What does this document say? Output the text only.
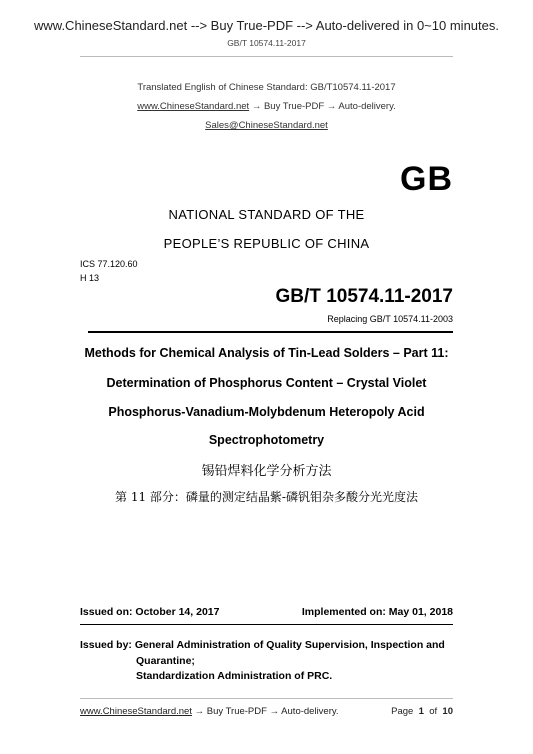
www.ChineseStandard.net --> Buy True-PDF --> Auto-delivered in 0~10 minutes.
GB/T 10574.11-2017
Translated English of Chinese Standard: GB/T10574.11-2017
www.ChineseStandard.net → Buy True-PDF → Auto-delivery.
Sales@ChineseStandard.net
GB
NATIONAL STANDARD OF THE
PEOPLE’S REPUBLIC OF CHINA
ICS 77.120.60
H 13
GB/T 10574.11-2017
Replacing GB/T 10574.11-2003
Methods for Chemical Analysis of Tin-Lead Solders – Part 11:
Determination of Phosphorus Content – Crystal Violet
Phosphorus-Vanadium-Molybdenum Heteropoly Acid
Spectrophotometry
锡铅焊料化学分析方法
第 11 部分：磷量的测定结晶紫-磷钒钼杂多酸分光光度法
Issued on: October 14, 2017	Implemented on: May 01, 2018
Issued by: General Administration of Quality Supervision, Inspection and
Quarantine;
Standardization Administration of PRC.
www.ChineseStandard.net → Buy True-PDF → Auto-delivery.	Page 1 of 10
